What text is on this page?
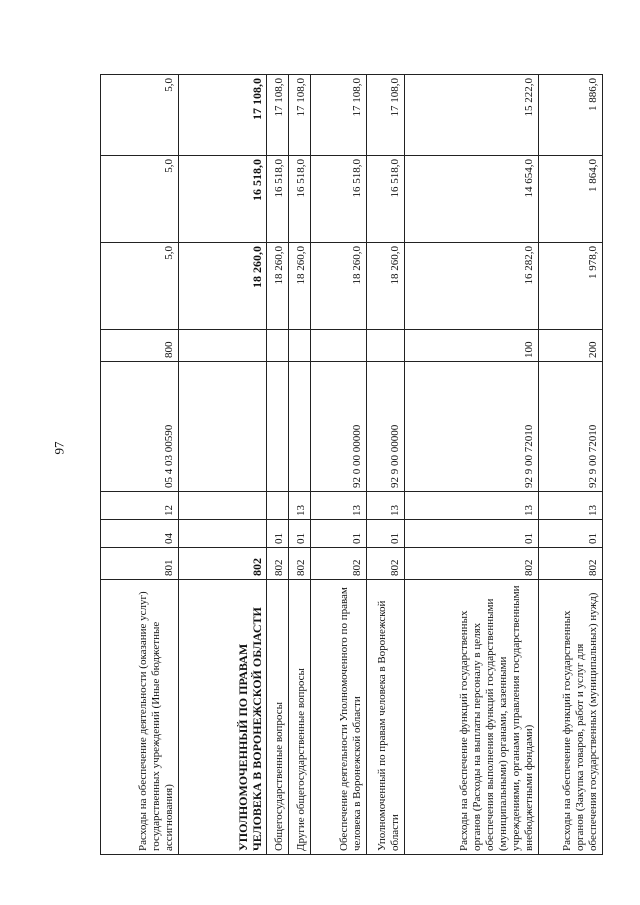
97
Расходы на обеспечение деятельности (оказание услуг) государственных учреждений (Иные бюджетные ассигнования)	801	04	12	05 4 03 00590	800	5,0	5,0	5,0
УПОЛНОМОЧЕННЫЙ ПО ПРАВАМ ЧЕЛОВЕКА В ВОРОНЕЖСКОЙ ОБЛАСТИ	802					18 260,0	16 518,0	17 108,0
Общегосударственные вопросы	802	01				18 260,0	16 518,0	17 108,0
Другие общегосударственные вопросы	802	01	13			18 260,0	16 518,0	17 108,0
Обеспечение деятельности Уполномоченного по правам человека в Воронежской области	802	01	13	92 0 00 00000		18 260,0	16 518,0	17 108,0
Уполномоченный по правам человека в Воронежской области	802	01	13	92 9 00 00000		18 260,0	16 518,0	17 108,0
Расходы на обеспечение функций государственных органов (Расходы на выплаты персоналу в целях обеспечения выполнения функций государственными (муниципальными) органами, казенными учреждениями, органами управления государственными внебюджетными фондами)	802	01	13	92 9 00 72010	100	16 282,0	14 654,0	15 222,0
Расходы на обеспечение функций государственных органов (Закупка товаров, работ и услуг для обеспечения государственных (муниципальных) нужд)	802	01	13	92 9 00 72010	200	1 978,0	1 864,0	1 886,0
